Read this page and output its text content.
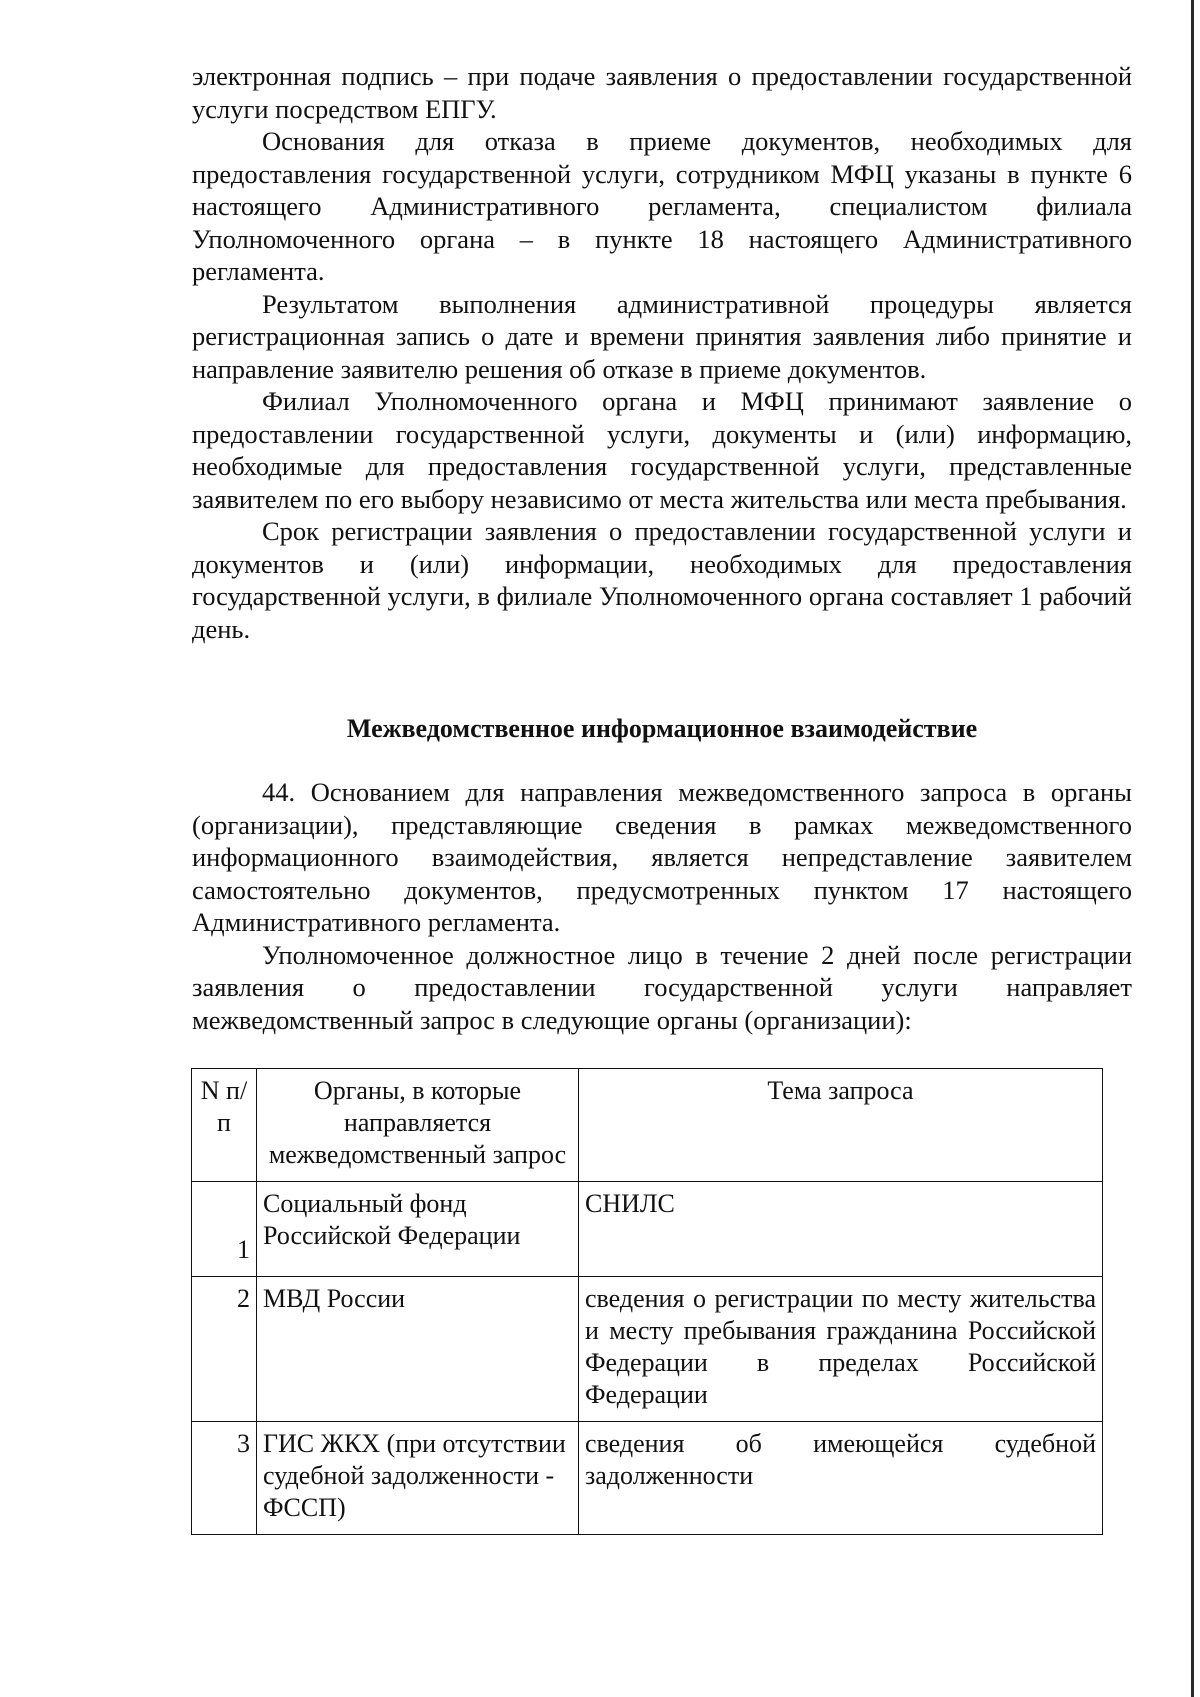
электронная подпись – при подаче заявления о предоставлении государственной услуги посредством ЕПГУ.

Основания для отказа в приеме документов, необходимых для предоставления государственной услуги, сотрудником МФЦ указаны в пункте 6 настоящего Административного регламента, специалистом филиала Уполномоченного органа – в пункте 18 настоящего Административного регламента.

Результатом выполнения административной процедуры является регистрационная запись о дате и времени принятия заявления либо принятие и направление заявителю решения об отказе в приеме документов.

Филиал Уполномоченного органа и МФЦ принимают заявление о предоставлении государственной услуги, документы и (или) информацию, необходимые для предоставления государственной услуги, представленные заявителем по его выбору независимо от места жительства или места пребывания.

Срок регистрации заявления о предоставлении государственной услуги и документов и (или) информации, необходимых для предоставления государственной услуги, в филиале Уполномоченного органа составляет 1 рабочий день.

Межведомственное информационное взаимодействие

44. Основанием для направления межведомственного запроса в органы (организации), представляющие сведения в рамках межведомственного информационного взаимодействия, является непредставление заявителем самостоятельно документов, предусмотренных пунктом 17 настоящего Административного регламента.

Уполномоченное должностное лицо в течение 2 дней после регистрации заявления о предоставлении государственной услуги направляет межведомственный запрос в следующие органы (организации):

N п/п	Органы, в которые направляется межведомственный запрос	Тема запроса
1	Социальный фонд Российской Федерации	СНИЛС
2	МВД России	сведения о регистрации по месту жительства и месту пребывания гражданина Российской Федерации в пределах Российской Федерации
3	ГИС ЖКХ (при отсутствии судебной задолженности - ФССП)	сведения об имеющейся судебной задолженности
